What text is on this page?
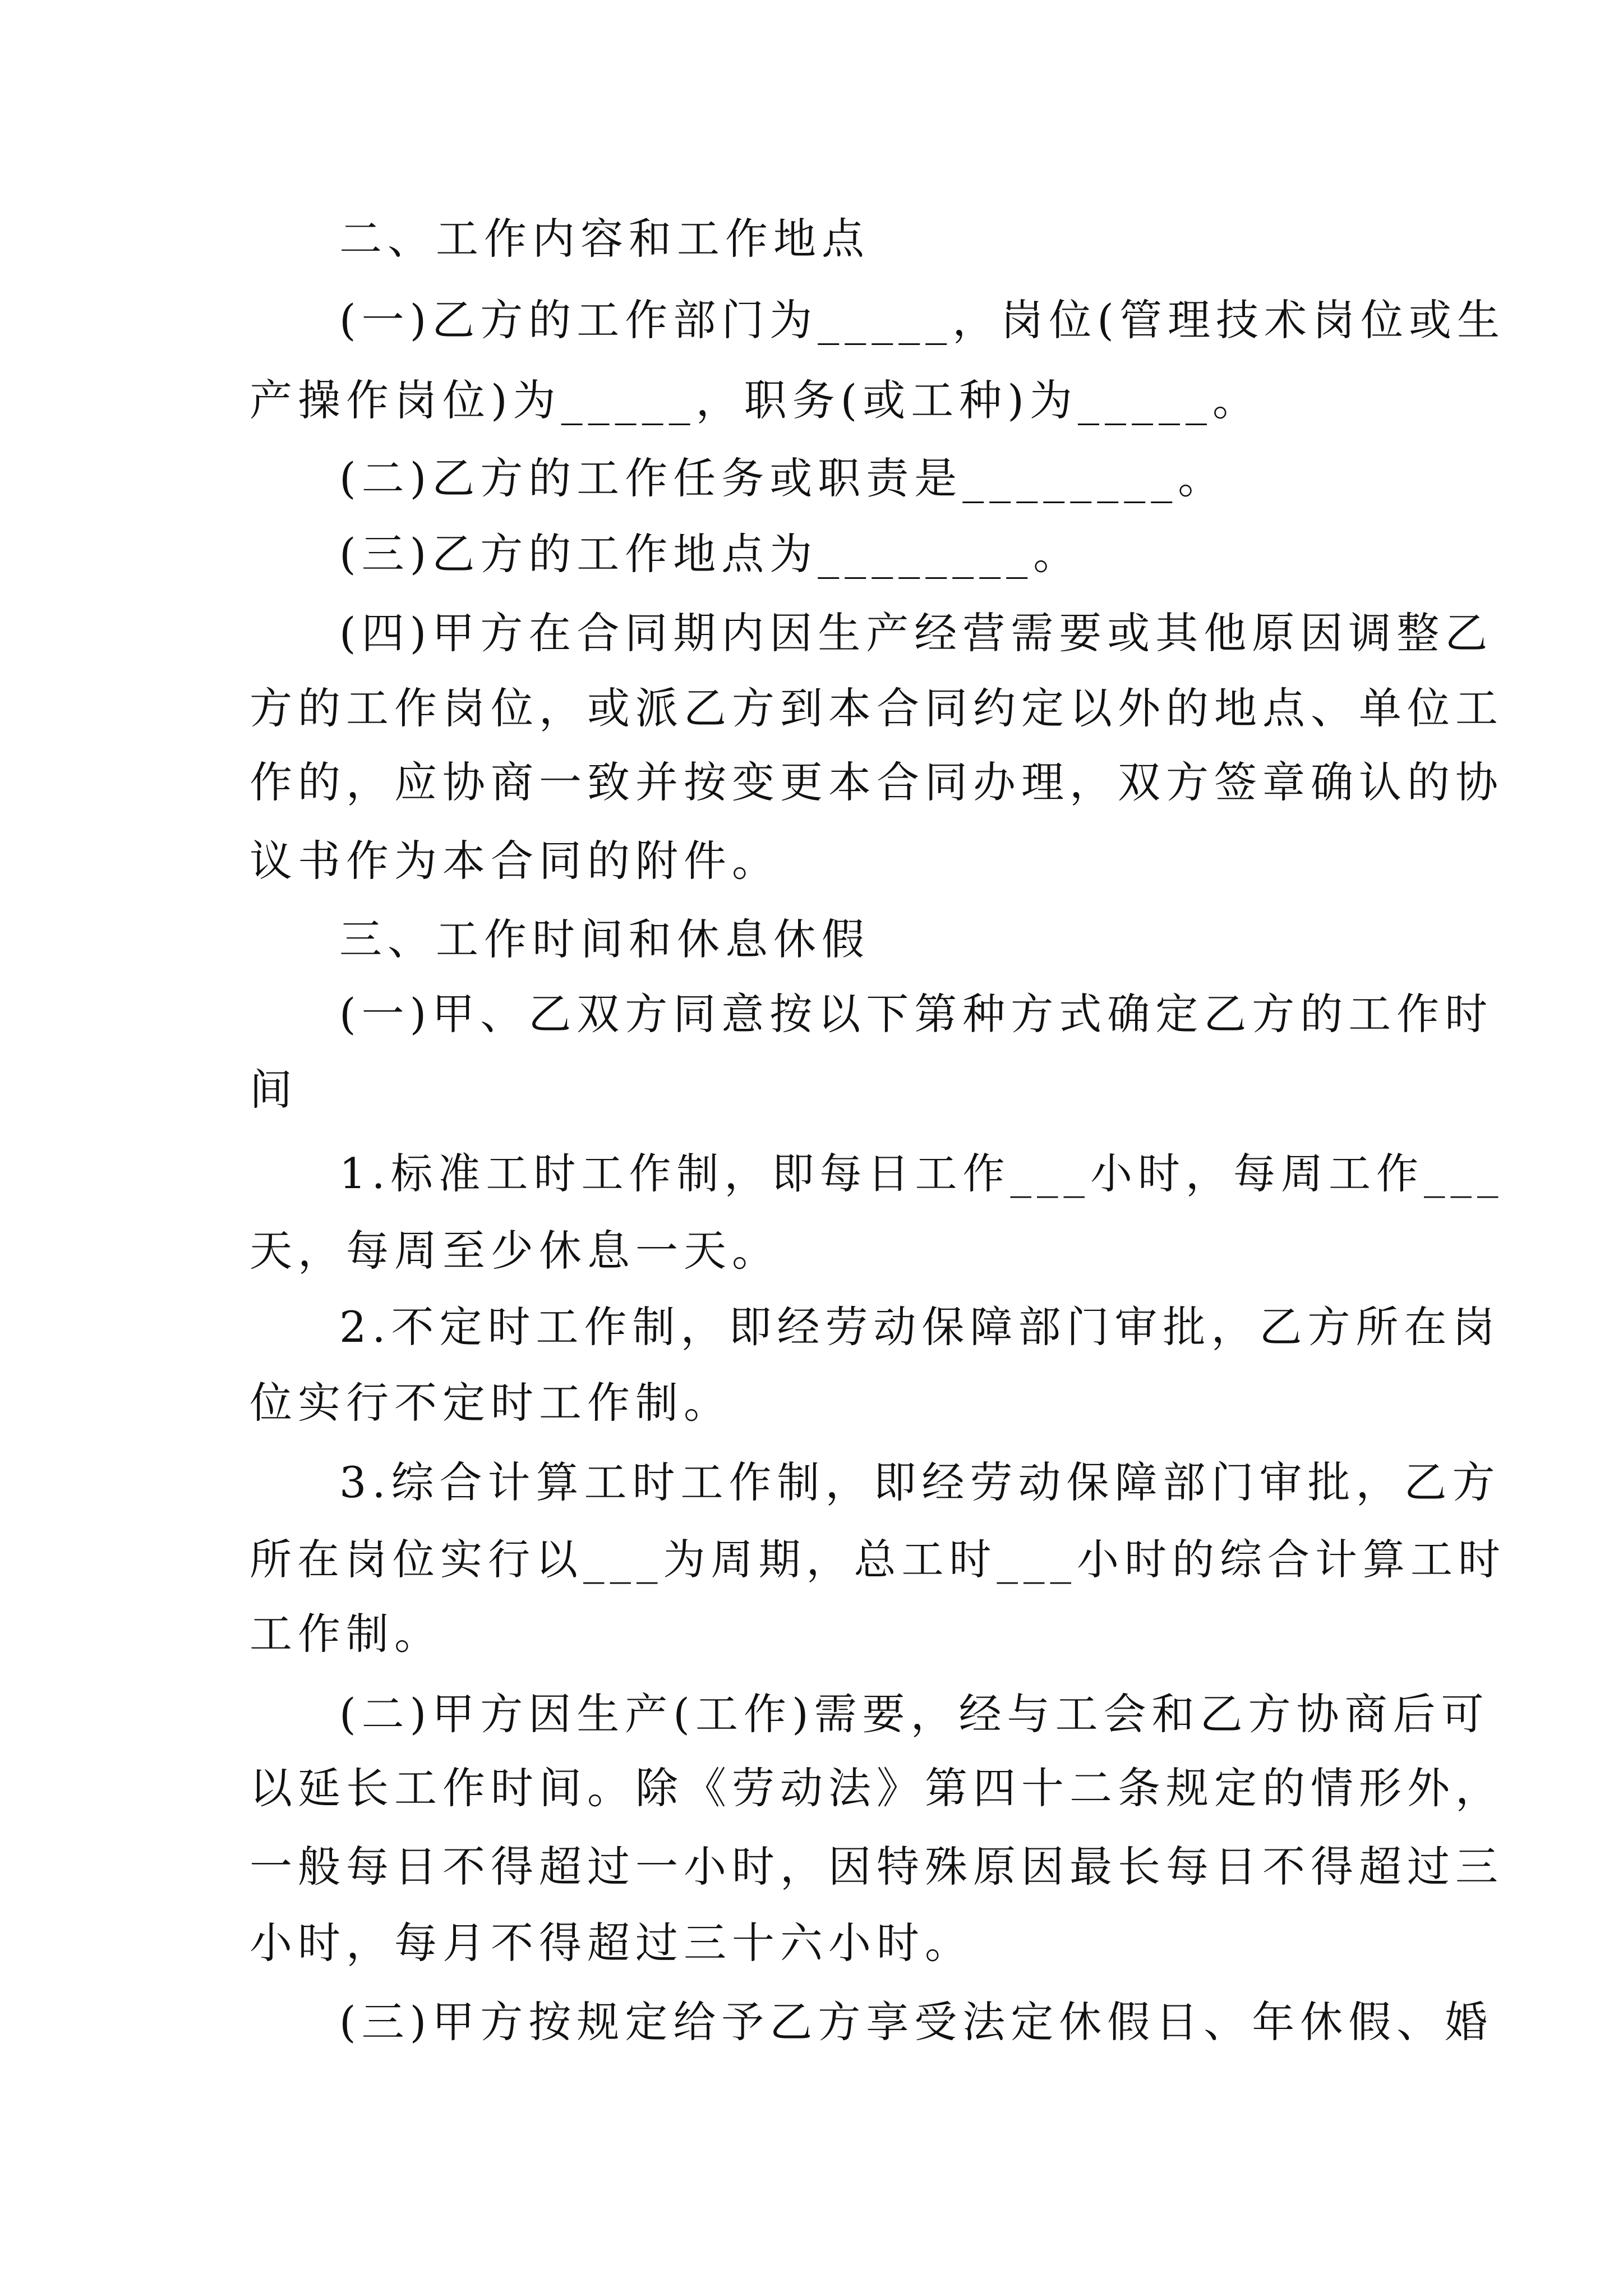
二、工作内容和工作地点
(一)乙方的工作部门为_____，岗位(管理技术岗位或生
产操作岗位)为_____，职务(或工种)为_____。
(二)乙方的工作任务或职责是________。
(三)乙方的工作地点为________。
(四)甲方在合同期内因生产经营需要或其他原因调整乙
方的工作岗位，或派乙方到本合同约定以外的地点、单位工
作的，应协商一致并按变更本合同办理，双方签章确认的协
议书作为本合同的附件。
三、工作时间和休息休假
(一)甲、乙双方同意按以下第种方式确定乙方的工作时
间
1.标准工时工作制，即每日工作___小时，每周工作___
天，每周至少休息一天。
2.不定时工作制，即经劳动保障部门审批，乙方所在岗
位实行不定时工作制。
3.综合计算工时工作制，即经劳动保障部门审批，乙方
所在岗位实行以___为周期，总工时___小时的综合计算工时
工作制。
(二)甲方因生产(工作)需要，经与工会和乙方协商后可
以延长工作时间。除《劳动法》第四十二条规定的情形外，
一般每日不得超过一小时，因特殊原因最长每日不得超过三
小时，每月不得超过三十六小时。
(三)甲方按规定给予乙方享受法定休假日、年休假、婚
